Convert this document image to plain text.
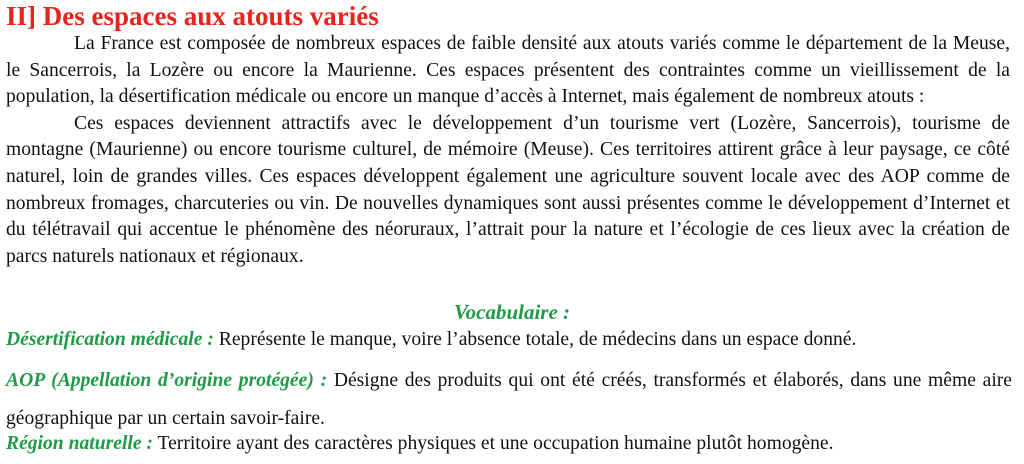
II] Des espaces aux atouts variés

La France est composée de nombreux espaces de faible densité aux atouts variés comme le département de la Meuse, le Sancerrois, la Lozère ou encore la Maurienne. Ces espaces présentent des contraintes comme un vieillissement de la population, la désertification médicale ou encore un manque d’accès à Internet, mais également de nombreux atouts :

Ces espaces deviennent attractifs avec le développement d’un tourisme vert (Lozère, Sancerrois), tourisme de montagne (Maurienne) ou encore tourisme culturel, de mémoire (Meuse). Ces territoires attirent grâce à leur paysage, ce côté naturel, loin de grandes villes. Ces espaces développent également une agriculture souvent locale avec des AOP comme de nombreux fromages, charcuteries ou vin. De nouvelles dynamiques sont aussi présentes comme le développement d’Internet et du télétravail qui accentue le phénomène des néoruraux, l’attrait pour la nature et l’écologie de ces lieux avec la création de parcs naturels nationaux et régionaux.

Vocabulaire :
Désertification médicale : Représente le manque, voire l’absence totale, de médecins dans un espace donné.
AOP (Appellation d’origine protégée) : Désigne des produits qui ont été créés, transformés et élaborés, dans une même aire géographique par un certain savoir-faire.
Région naturelle : Territoire ayant des caractères physiques et une occupation humaine plutôt homogène.
